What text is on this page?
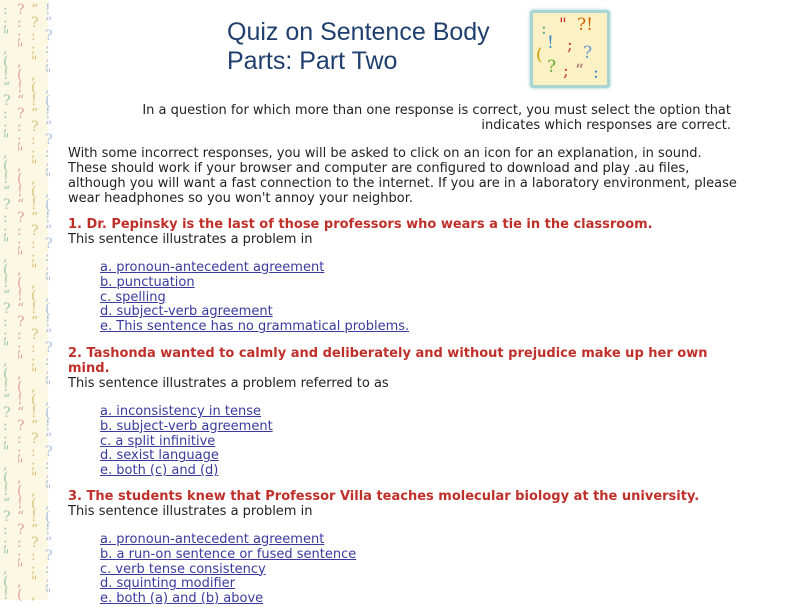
: ? “ !
; : ? “
" ; : ?
, " ; :
( , " ;
! ( , "
“ ! ( ,
? “ ! (
: ? “ !
; : ? “
" ; : ?
, " ; :
( , " ;
! ( , "
“ ! ( ,
? “ ! (
: ? “ !
; : ? “
" ; : ?
, " ; :
( , " ;
! ( , "
“ ! ( ,
? “ ! (
: ? “ !
; : ? “
" ; : ?
, " ; :
( , " ;
! ( , "
“ ! ( ,
? “ ! (
: ? “ !
; : ? “
" ; : ?
, " ; :
( , " ;
! ( , "
“ ! ( ,
? “ ! (
: ? “ !
; : ? “
" ; : ?
, " ; :
( , " ;
! ( , "
Quiz on Sentence Body
Parts: Part Two
: " ?!
! ;
( ?
? ; “ :
In a question for which more than one response is correct, you must select the option that indicates which responses are correct.
With some incorrect responses, you will be asked to click on an icon for an explanation, in sound. These should work if your browser and computer are configured to download and play .au files, although you will want a fast connection to the internet. If you are in a laboratory environment, please wear headphones so you won't annoy your neighbor.
1. Dr. Pepinsky is the last of those professors who wears a tie in the classroom.
This sentence illustrates a problem in
a. pronoun-antecedent agreement
b. punctuation
c. spelling
d. subject-verb agreement
e. This sentence has no grammatical problems.
2. Tashonda wanted to calmly and deliberately and without prejudice make up her own mind.
This sentence illustrates a problem referred to as
a. inconsistency in tense
b. subject-verb agreement
c. a split infinitive
d. sexist language
e. both (c) and (d)
3. The students knew that Professor Villa teaches molecular biology at the university.
This sentence illustrates a problem in
a. pronoun-antecedent agreement
b. a run-on sentence or fused sentence
c. verb tense consistency
d. squinting modifier
e. both (a) and (b) above
